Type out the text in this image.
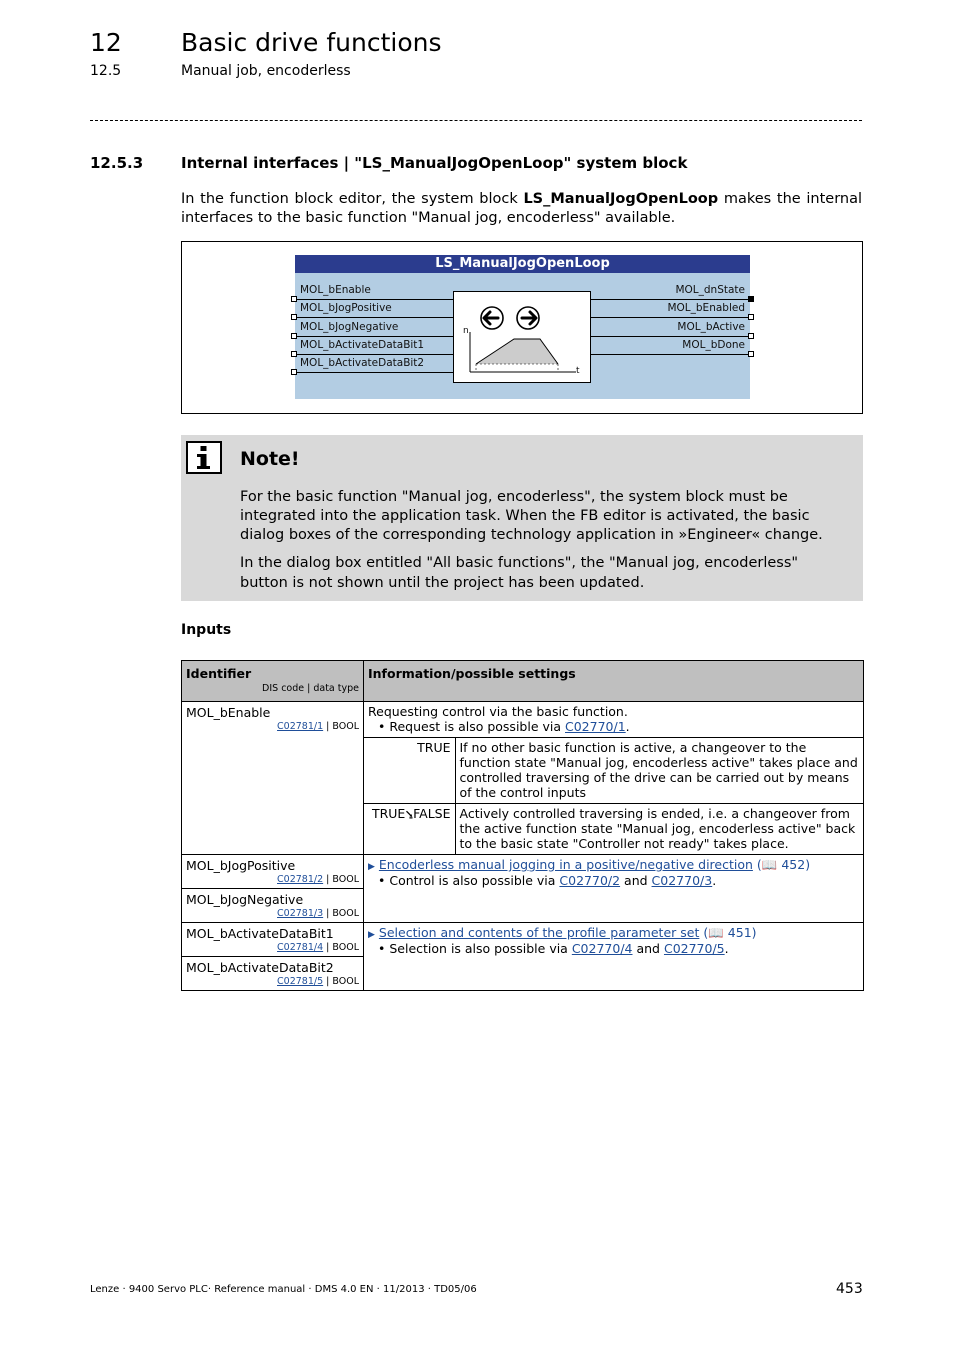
12 Basic drive functions
12.5	Manual job, encoderless
12.5.3	Internal interfaces | "LS_ManualJogOpenLoop" system block
In the function block editor, the system block LS_ManualJogOpenLoop makes the internal interfaces to the basic function "Manual jog, encoderless" available.
LS_ManualJogOpenLoop
MOL_bEnable
MOL_bJogPositive
MOL_bJogNegative
MOL_bActivateDataBit1
MOL_bActivateDataBit2
MOL_dnState
MOL_bEnabled
MOL_bActive
MOL_bDone
n
t
Note!
For the basic function "Manual jog, encoderless", the system block must be integrated into the application task. When the FB editor is activated, the basic dialog boxes of the corresponding technology application in »Engineer« change.
In the dialog box entitled "All basic functions", the "Manual jog, encoderless" button is not shown until the project has been updated.
Inputs
Identifier
DIS code | data type
	Information/possible settings

MOL_bEnable
C02781/1 | BOOL

Requesting control via the basic function.
• Request is also possible via C02770/1.
TRUE	If no other basic function is active, a changeover to the function state "Manual jog, encoderless active" takes place and controlled traversing of the drive can be carried out by means of the control inputs
TRUE⭸FALSE	Actively controlled traversing is ended, i.e. a changeover from the active function state "Manual jog, encoderless active" back to the basic state "Controller not ready" takes place.

MOL_bJogPositive
C02781/2 | BOOL

▶ Encoderless manual jogging in a positive/negative direction (📖 452)
• Control is also possible via C02770/2 and C02770/3.

MOL_bJogNegative
C02781/3 | BOOL

MOL_bActivateDataBit1
C02781/4 | BOOL

▶ Selection and contents of the profile parameter set (📖 451)
• Selection is also possible via C02770/4 and C02770/5.

MOL_bActivateDataBit2
C02781/5 | BOOL
Lenze · 9400 Servo PLC· Reference manual · DMS 4.0 EN · 11/2013 · TD05/06	453
